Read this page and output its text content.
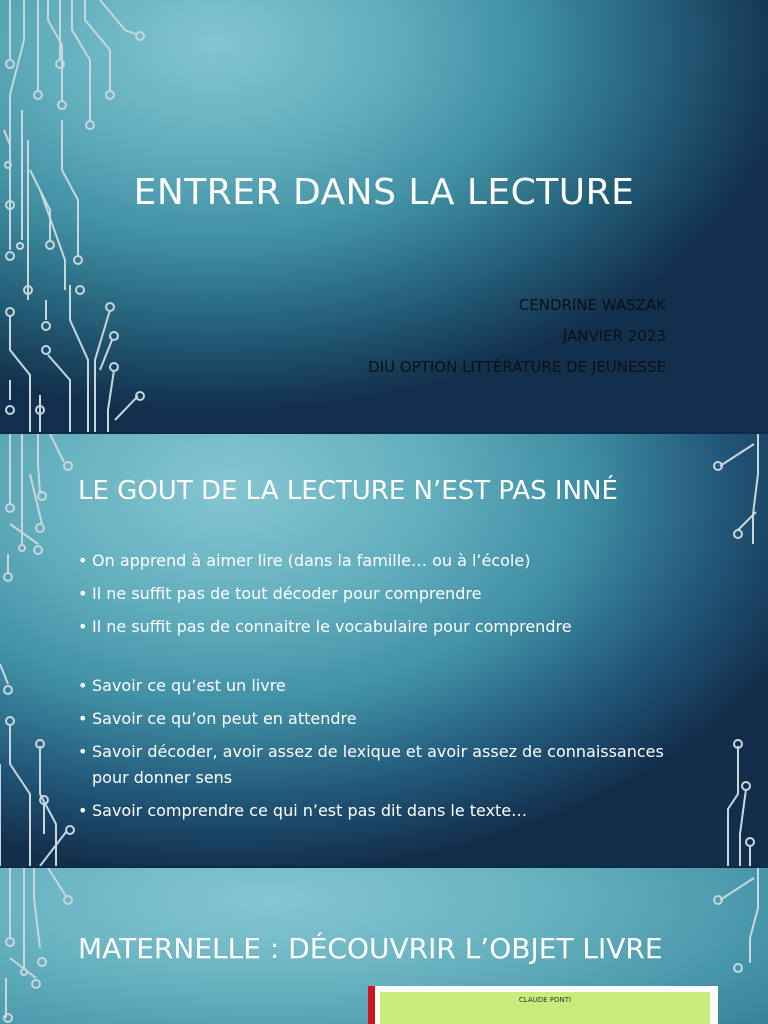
ENTRER DANS LA LECTURE
CENDRINE WASZAK
JANVIER 2023
DIU OPTION LITTÉRATURE DE JEUNESSE
LE GOUT DE LA LECTURE N’EST PAS INNÉ
• On apprend à aimer lire (dans la famille… ou à l’école)
• Il ne suffit pas de tout décoder pour comprendre
• Il ne suffit pas de connaitre le vocabulaire pour comprendre
• Savoir ce qu’est un livre
• Savoir ce qu’on peut en attendre
• Savoir décoder, avoir assez de lexique et avoir assez de connaissances pour donner sens
• Savoir comprendre ce qui n’est pas dit dans le texte…
MATERNELLE : DÉCOUVRIR L’OBJET LIVRE
CLAUDE PONTI
